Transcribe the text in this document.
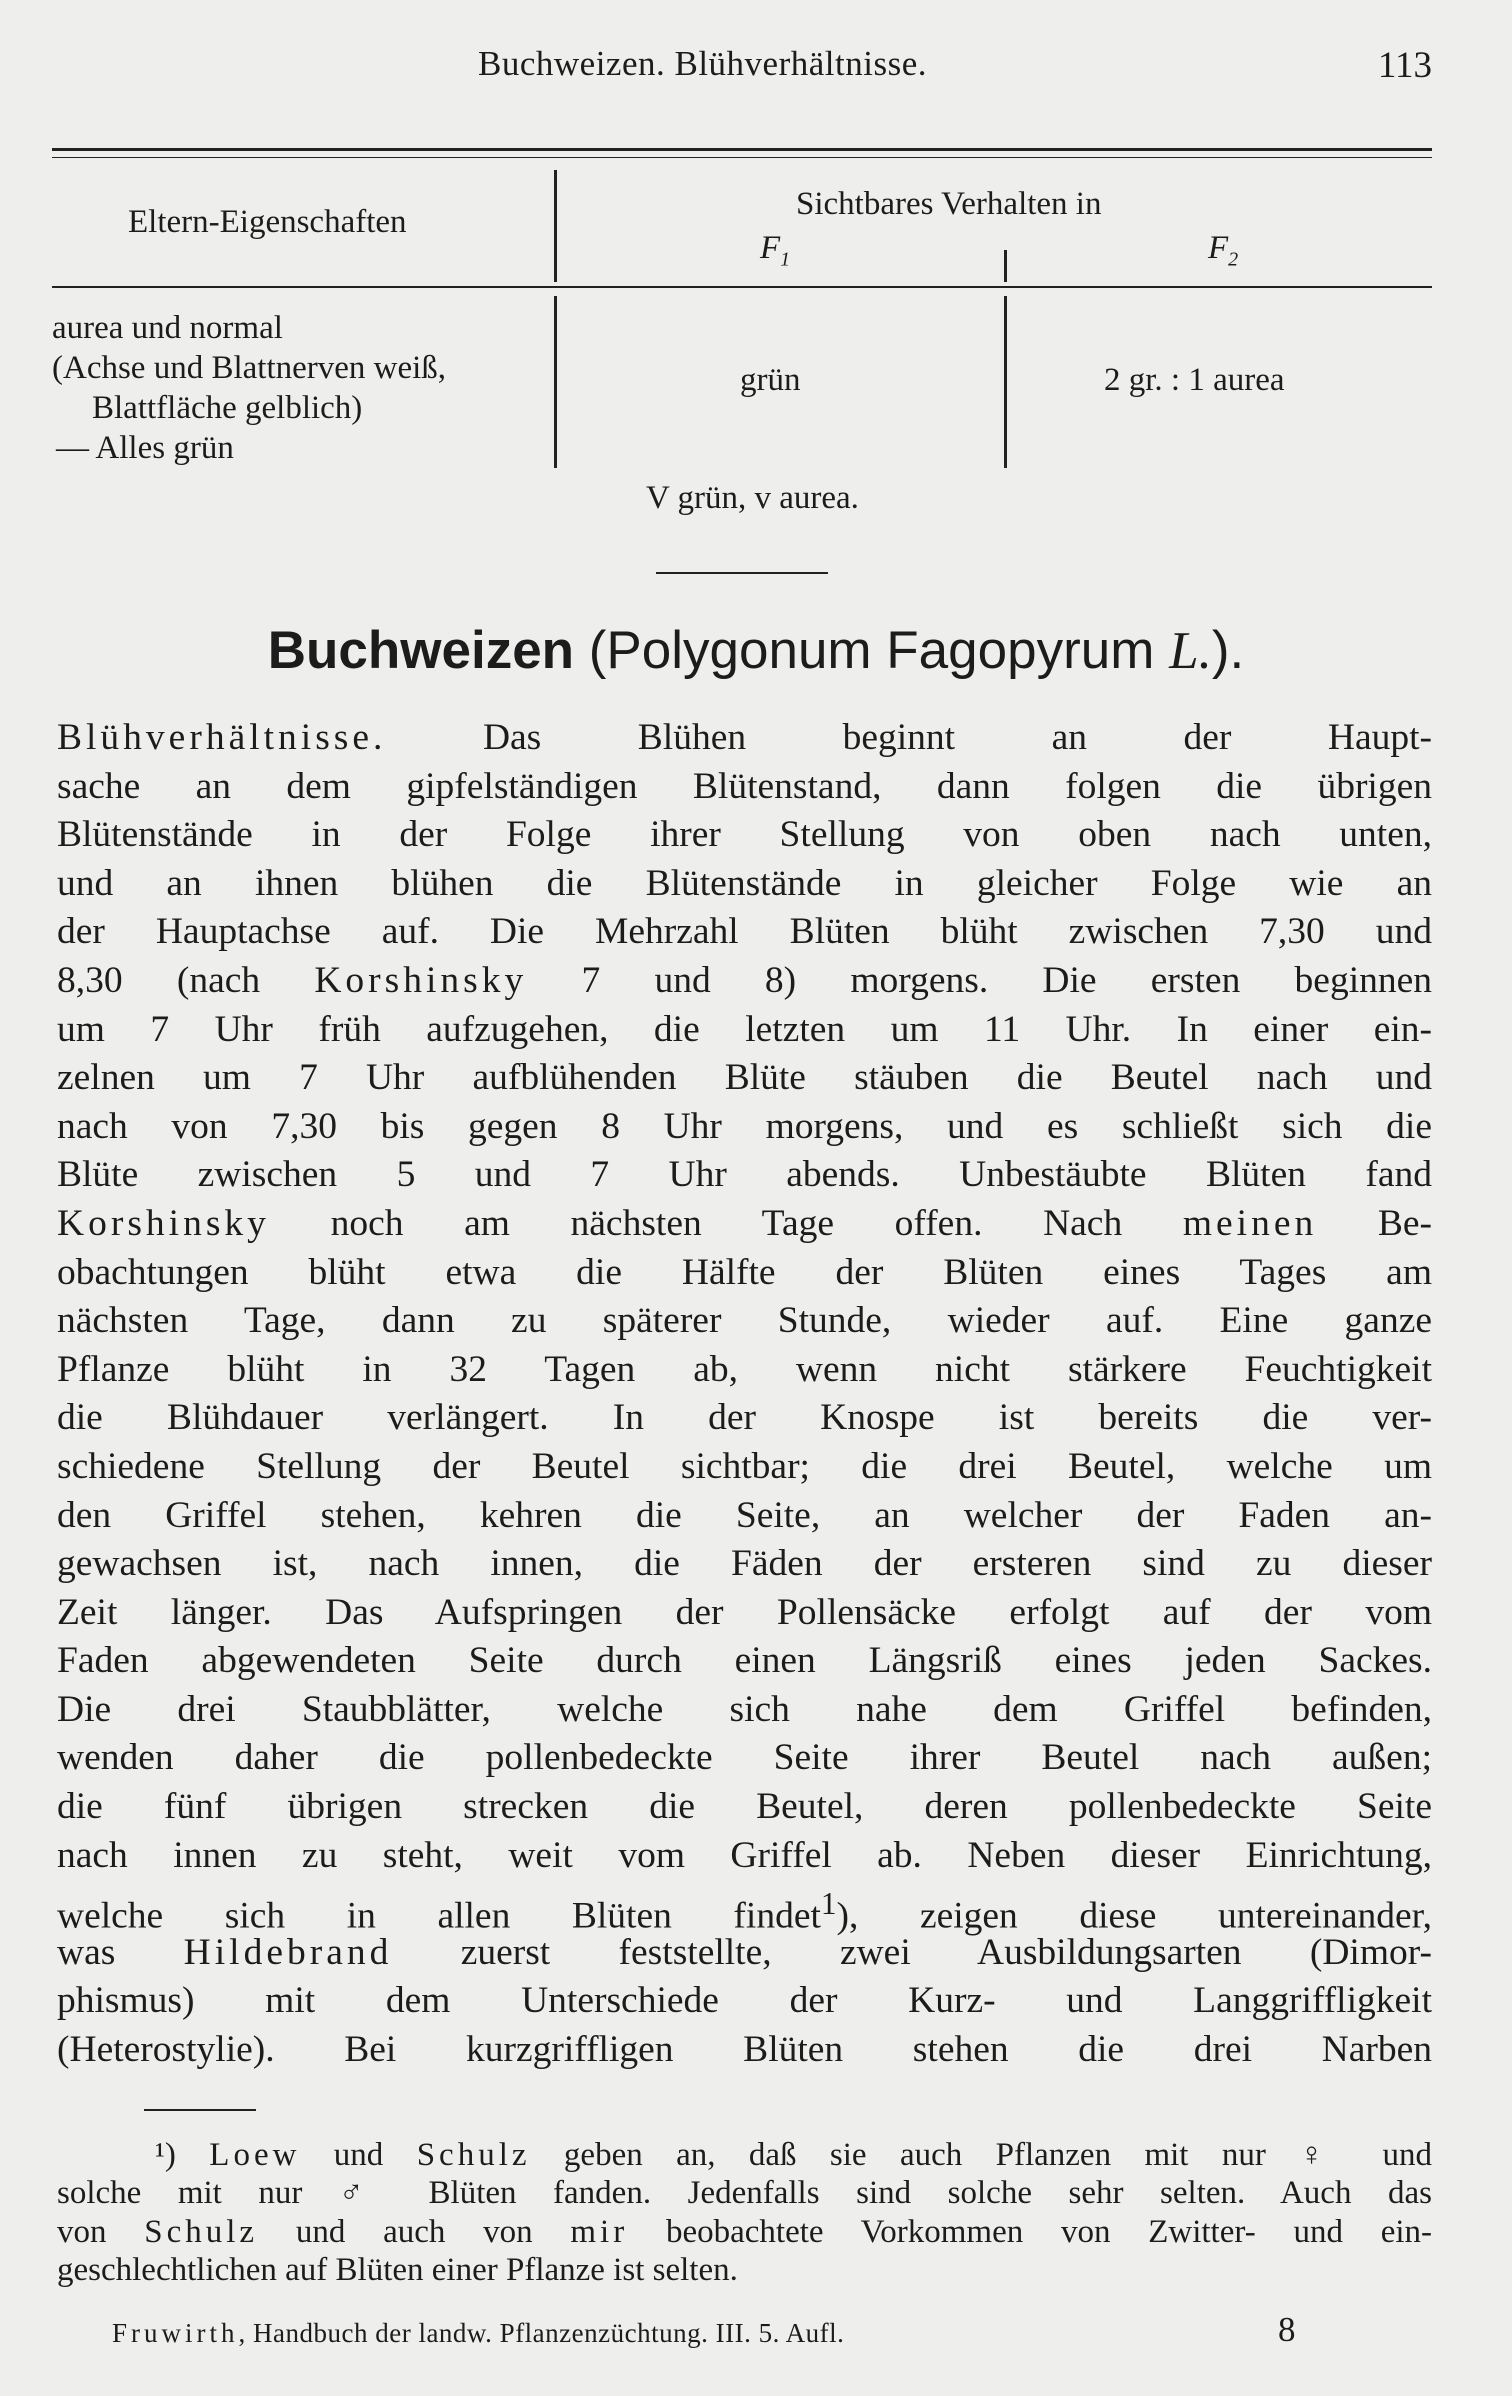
Buchweizen. Blühverhältnisse.	113
Eltern-Eigenschaften	Sichtbares Verhalten in
$F_1$	$F_2$
aurea und normal
(Achse und Blattnerven weiß,
Blattfläche gelblich)
— Alles grün
grün	2 gr. : 1 aurea
V grün, v aurea.
Buchweizen (Polygonum Fagopyrum L.).
Blühverhältnisse.	Das Blühen beginnt an der Haupt-
sache an dem gipfelständigen Blütenstand, dann folgen die übrigen
Blütenstände in der Folge ihrer Stellung von oben nach unten,
und an ihnen blühen die Blütenstände in gleicher Folge wie an
der Hauptachse auf. Die Mehrzahl Blüten blüht zwischen 7,30 und
8,30 (nach Korshinsky 7 und 8) morgens. Die ersten beginnen
um 7 Uhr früh aufzugehen, die letzten um 11 Uhr. In einer ein-
zelnen um 7 Uhr aufblühenden Blüte stäuben die Beutel nach und
nach von 7,30 bis gegen 8 Uhr morgens, und es schließt sich die
Blüte zwischen 5 und 7 Uhr abends. Unbestäubte Blüten fand
Korshinsky noch am nächsten Tage offen. Nach meinen Be-
obachtungen blüht etwa die Hälfte der Blüten eines Tages am
nächsten Tage, dann zu späterer Stunde, wieder auf. Eine ganze
Pflanze blüht in 32 Tagen ab, wenn nicht stärkere Feuchtigkeit
die Blühdauer verlängert. In der Knospe ist bereits die ver-
schiedene Stellung der Beutel sichtbar; die drei Beutel, welche um
den Griffel stehen, kehren die Seite, an welcher der Faden an-
gewachsen ist, nach innen, die Fäden der ersteren sind zu dieser
Zeit länger. Das Aufspringen der Pollensäcke erfolgt auf der vom
Faden abgewendeten Seite durch einen Längsriß eines jeden Sackes.
Die drei Staubblätter, welche sich nahe dem Griffel befinden,
wenden daher die pollenbedeckte Seite ihrer Beutel nach außen;
die fünf übrigen strecken die Beutel, deren pollenbedeckte Seite
nach innen zu steht, weit vom Griffel ab. Neben dieser Einrichtung,
welche sich in allen Blüten findet$^1$), zeigen diese untereinander,
was Hildebrand zuerst feststellte, zwei Ausbildungsarten (Dimor-
phismus) mit dem Unterschiede der Kurz- und Langgriffligkeit
(Heterostylie). Bei kurzgriffligen Blüten stehen die drei Narben
¹) Loew und Schulz geben an, daß sie auch Pflanzen mit nur ♀ und
solche mit nur ♂ Blüten fanden. Jedenfalls sind solche sehr selten. Auch das
von Schulz und auch von mir beobachtete Vorkommen von Zwitter- und ein-
geschlechtlichen auf Blüten einer Pflanze ist selten.
Fruwirth, Handbuch der landw. Pflanzenzüchtung. III. 5. Aufl.	8
